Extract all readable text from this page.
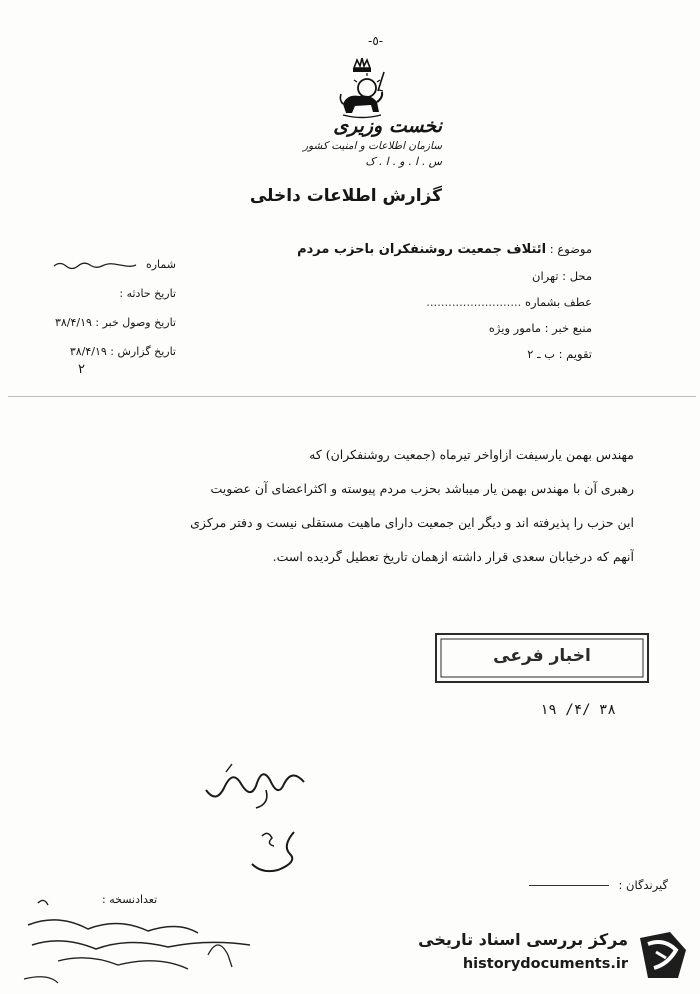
-٥-
نخست وزیری
سازمان اطلاعات و امنیت کشور
س . ا . و . ا . ک
گزارش اطلاعات داخلی
موضوع : ائتلاف جمعیت روشنفکران باحزب مردم
محل : تهران
عطف بشماره ..........................
منبع خبر : مامور ویژه
تقویم : ب ـ ۲
شماره
تاریخ حادثه :
تاریخ وصول خبر : ۳۸/۴/۱۹
تاریخ گزارش : ۳۸/۴/۱۹
۲
مهندس بهمن یارسیفت ازاواخر تیرماه (جمعیت روشنفکران) که
رهبری آن با مهندس بهمن یار میباشد بحزب مردم پیوسته و اکثراعضای آن عضویت
این حزب را پذیرفته اند و دیگر این جمعیت دارای ماهیت مستقلی نیست و دفتر مرکزی
آنهم که درخیابان سعدی قرار داشته ازهمان تاریخ تعطیل گردیده است.
اخبار فرعی
۱۹ /۴/ ۳۸
گیرندگان :
تعدادنسخه :
مرکز بررسی اسناد تاریخی
historydocuments.ir
